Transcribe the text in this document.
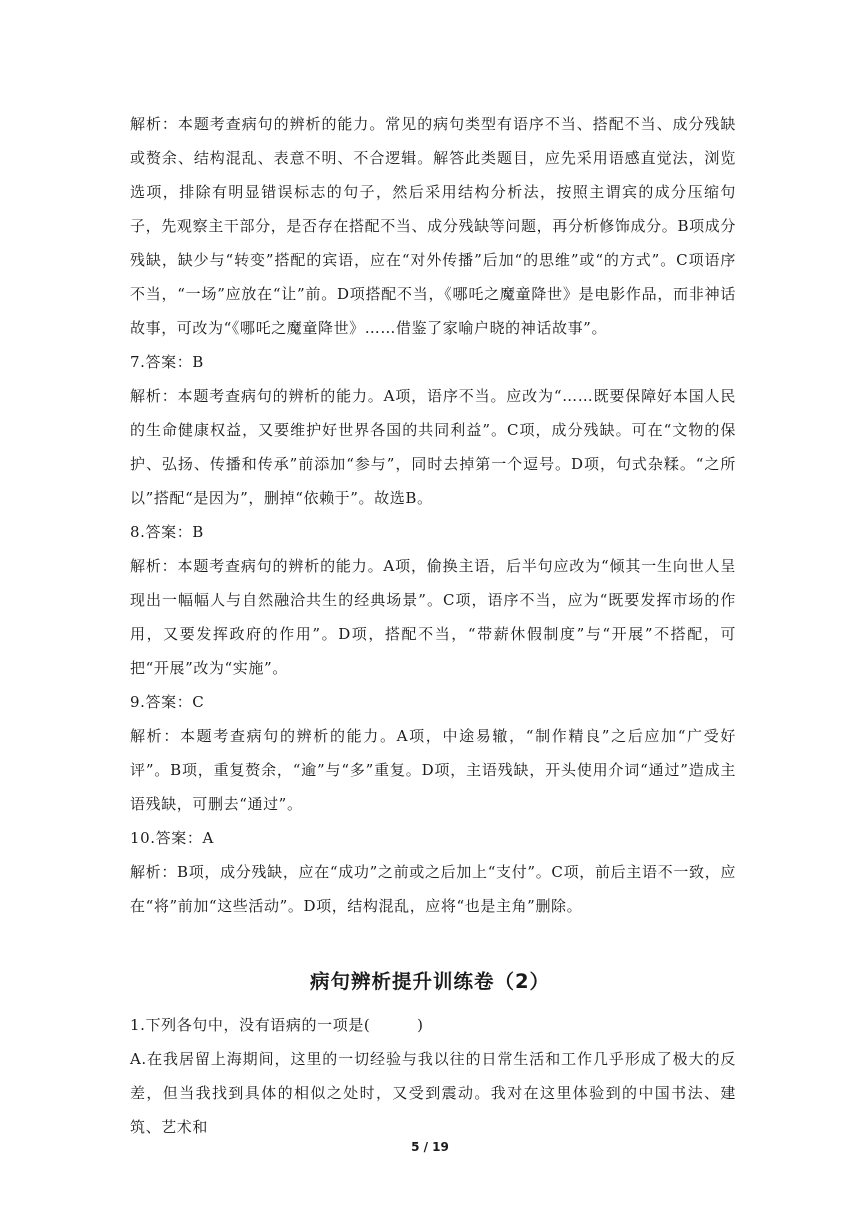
解析：本题考查病句的辨析的能力。常见的病句类型有语序不当、搭配不当、成分残缺或赘余、结构混乱、表意不明、不合逻辑。解答此类题目，应先采用语感直觉法，浏览选项，排除有明显错误标志的句子，然后采用结构分析法，按照主谓宾的成分压缩句子，先观察主干部分，是否存在搭配不当、成分残缺等问题，再分析修饰成分。B项成分残缺，缺少与“转变”搭配的宾语，应在“对外传播”后加“的思维”或“的方式”。C项语序不当，“一场”应放在“让”前。D项搭配不当，《哪吒之魔童降世》是电影作品，而非神话故事，可改为“《哪吒之魔童降世》……借鉴了家喻户晓的神话故事”。

7.答案：B

解析：本题考查病句的辨析的能力。A项，语序不当。应改为“……既要保障好本国人民的生命健康权益，又要维护好世界各国的共同利益”。C项，成分残缺。可在“文物的保护、弘扬、传播和传承”前添加“参与”，同时去掉第一个逗号。D项，句式杂糅。“之所以”搭配“是因为”，删掉“依赖于”。故选B。

8.答案：B

解析：本题考查病句的辨析的能力。A项，偷换主语，后半句应改为“倾其一生向世人呈现出一幅幅人与自然融洽共生的经典场景”。C项，语序不当，应为“既要发挥市场的作用，又要发挥政府的作用”。D项，搭配不当，“带薪休假制度”与“开展”不搭配，可把“开展”改为“实施”。

9.答案：C

解析：本题考查病句的辨析的能力。A项，中途易辙，“制作精良”之后应加“广受好评”。B项，重复赘余，“逾”与“多”重复。D项，主语残缺，开头使用介词“通过”造成主语残缺，可删去“通过”。

10.答案：A

解析：B项，成分残缺，应在“成功”之前或之后加上“支付”。C项，前后主语不一致，应在“将”前加“这些活动”。D项，结构混乱，应将“也是主角”删除。

病句辨析提升训练卷（2）

1.下列各句中，没有语病的一项是(　　　)

A.在我居留上海期间，这里的一切经验与我以往的日常生活和工作几乎形成了极大的反差，但当我找到具体的相似之处时，又受到震动。我对在这里体验到的中国书法、建筑、艺术和

5 / 19
